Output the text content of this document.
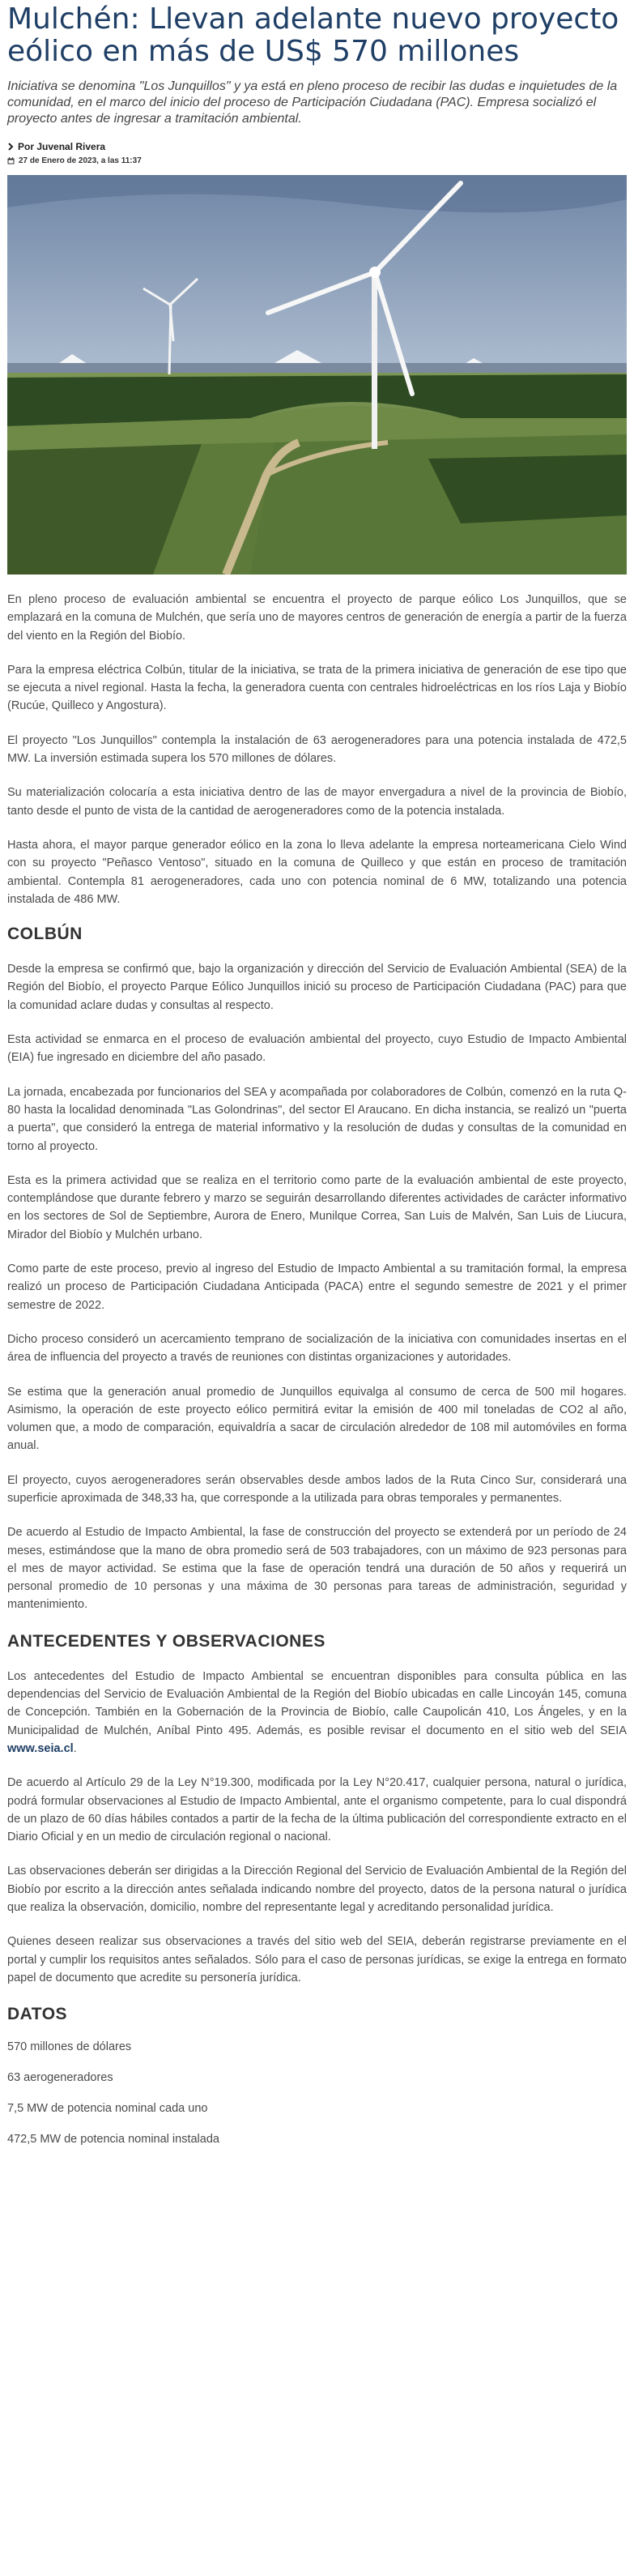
Mulchén: Llevan adelante nuevo proyecto eólico en más de US$ 570 millones

Iniciativa se denomina "Los Junquillos" y ya está en pleno proceso de recibir las dudas e inquietudes de la comunidad, en el marco del inicio del proceso de Participación Ciudadana (PAC). Empresa socializó el proyecto antes de ingresar a tramitación ambiental.

Por Juvenal Rivera
27 de Enero de 2023, a las 11:37

En pleno proceso de evaluación ambiental se encuentra el proyecto de parque eólico Los Junquillos, que se emplazará en la comuna de Mulchén, que sería uno de mayores centros de generación de energía a partir de la fuerza del viento en la Región del Biobío.

Para la empresa eléctrica Colbún, titular de la iniciativa, se trata de la primera iniciativa de generación de ese tipo que se ejecuta a nivel regional. Hasta la fecha, la generadora cuenta con centrales hidroeléctricas en los ríos Laja y Biobío (Rucúe, Quilleco y Angostura).

El proyecto "Los Junquillos" contempla la instalación de 63 aerogeneradores para una potencia instalada de 472,5 MW. La inversión estimada supera los 570 millones de dólares.

Su materialización colocaría a esta iniciativa dentro de las de mayor envergadura a nivel de la provincia de Biobío, tanto desde el punto de vista de la cantidad de aerogeneradores como de la potencia instalada.

Hasta ahora, el mayor parque generador eólico en la zona lo lleva adelante la empresa norteamericana Cielo Wind con su proyecto "Peñasco Ventoso", situado en la comuna de Quilleco y que están en proceso de tramitación ambiental. Contempla 81 aerogeneradores, cada uno con potencia nominal de 6 MW, totalizando una potencia instalada de 486 MW.

COLBÚN

Desde la empresa se confirmó que, bajo la organización y dirección del Servicio de Evaluación Ambiental (SEA) de la Región del Biobío, el proyecto Parque Eólico Junquillos inició su proceso de Participación Ciudadana (PAC) para que la comunidad aclare dudas y consultas al respecto.

Esta actividad se enmarca en el proceso de evaluación ambiental del proyecto, cuyo Estudio de Impacto Ambiental (EIA) fue ingresado en diciembre del año pasado.

La jornada, encabezada por funcionarios del SEA y acompañada por colaboradores de Colbún, comenzó en la ruta Q-80 hasta la localidad denominada "Las Golondrinas", del sector El Araucano. En dicha instancia, se realizó un "puerta a puerta", que consideró la entrega de material informativo y la resolución de dudas y consultas de la comunidad en torno al proyecto.

Esta es la primera actividad que se realiza en el territorio como parte de la evaluación ambiental de este proyecto, contemplándose que durante febrero y marzo se seguirán desarrollando diferentes actividades de carácter informativo en los sectores de Sol de Septiembre, Aurora de Enero, Munilque Correa, San Luis de Malvén, San Luis de Liucura, Mirador del Biobío y Mulchén urbano.

Como parte de este proceso, previo al ingreso del Estudio de Impacto Ambiental a su tramitación formal, la empresa realizó un proceso de Participación Ciudadana Anticipada (PACA) entre el segundo semestre de 2021 y el primer semestre de 2022.

Dicho proceso consideró un acercamiento temprano de socialización de la iniciativa con comunidades insertas en el área de influencia del proyecto a través de reuniones con distintas organizaciones y autoridades.

Se estima que la generación anual promedio de Junquillos equivalga al consumo de cerca de 500 mil hogares. Asimismo, la operación de este proyecto eólico permitirá evitar la emisión de 400 mil toneladas de CO2 al año, volumen que, a modo de comparación, equivaldría a sacar de circulación alrededor de 108 mil automóviles en forma anual.

El proyecto, cuyos aerogeneradores serán observables desde ambos lados de la Ruta Cinco Sur, considerará una superficie aproximada de 348,33 ha, que corresponde a la utilizada para obras temporales y permanentes.

De acuerdo al Estudio de Impacto Ambiental, la fase de construcción del proyecto se extenderá por un período de 24 meses, estimándose que la mano de obra promedio será de 503 trabajadores, con un máximo de 923 personas para el mes de mayor actividad. Se estima que la fase de operación tendrá una duración de 50 años y requerirá un personal promedio de 10 personas y una máxima de 30 personas para tareas de administración, seguridad y mantenimiento.

ANTECEDENTES Y OBSERVACIONES

Los antecedentes del Estudio de Impacto Ambiental se encuentran disponibles para consulta pública en las dependencias del Servicio de Evaluación Ambiental de la Región del Biobío ubicadas en calle Lincoyán 145, comuna de Concepción. También en la Gobernación de la Provincia de Biobío, calle Caupolicán 410, Los Ángeles, y en la Municipalidad de Mulchén, Aníbal Pinto 495. Además, es posible revisar el documento en el sitio web del SEIA www.seia.cl.

De acuerdo al Artículo 29 de la Ley N°19.300, modificada por la Ley N°20.417, cualquier persona, natural o jurídica, podrá formular observaciones al Estudio de Impacto Ambiental, ante el organismo competente, para lo cual dispondrá de un plazo de 60 días hábiles contados a partir de la fecha de la última publicación del correspondiente extracto en el Diario Oficial y en un medio de circulación regional o nacional.

Las observaciones deberán ser dirigidas a la Dirección Regional del Servicio de Evaluación Ambiental de la Región del Biobío por escrito a la dirección antes señalada indicando nombre del proyecto, datos de la persona natural o jurídica que realiza la observación, domicilio, nombre del representante legal y acreditando personalidad jurídica.

Quienes deseen realizar sus observaciones a través del sitio web del SEIA, deberán registrarse previamente en el portal y cumplir los requisitos antes señalados. Sólo para el caso de personas jurídicas, se exige la entrega en formato papel de documento que acredite su personería jurídica.

DATOS

570 millones de dólares

63 aerogeneradores

7,5 MW de potencia nominal cada uno

472,5 MW de potencia nominal instalada
